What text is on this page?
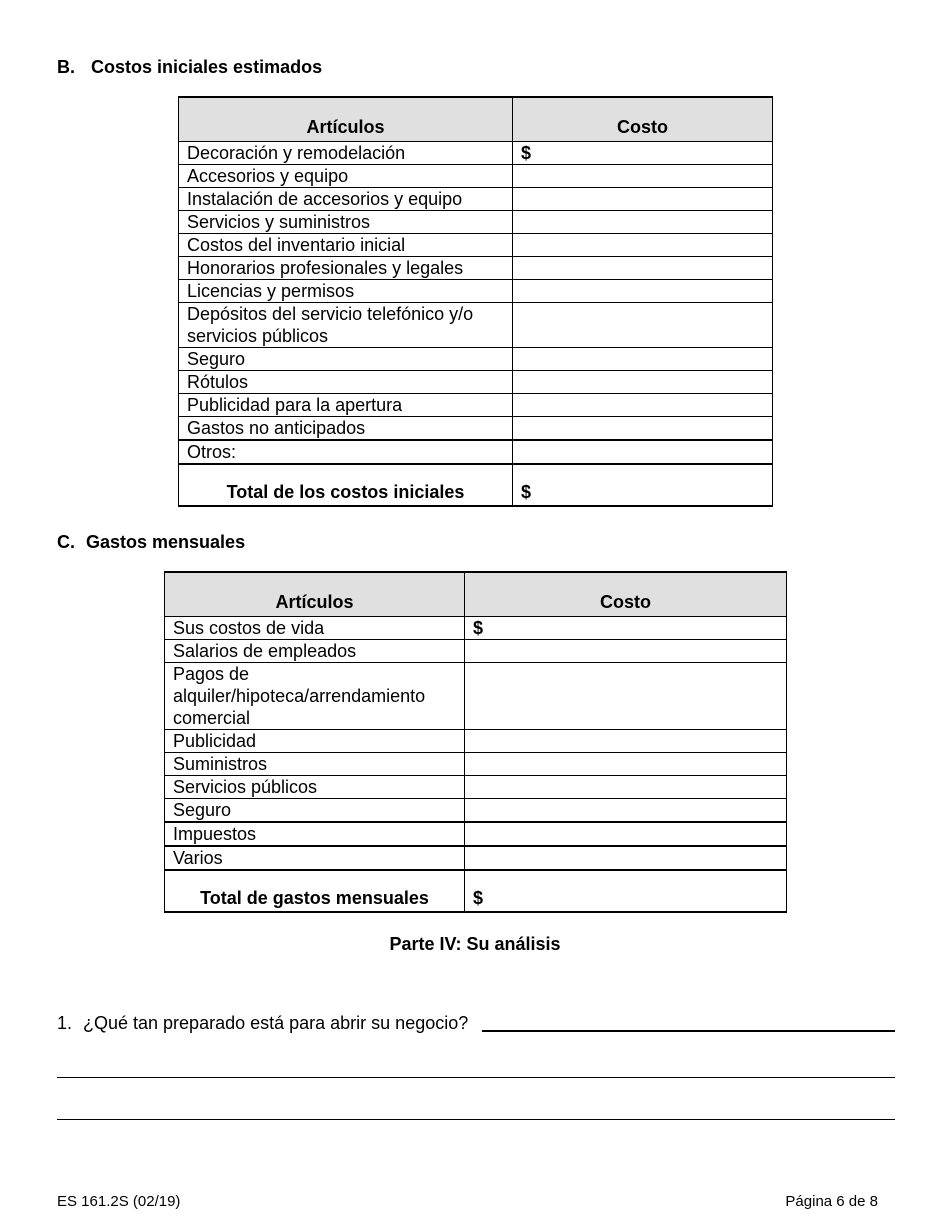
B. Costos iniciales estimados
Artículos	Costo
Decoración y remodelación	$
Accesorios y equipo	
Instalación de accesorios y equipo	
Servicios y suministros	
Costos del inventario inicial	
Honorarios profesionales y legales	
Licencias y permisos	
Depósitos del servicio telefónico y/o servicios públicos	
Seguro	
Rótulos	
Publicidad para la apertura	
Gastos no anticipados	
Otros:	
Total de los costos iniciales	$
C. Gastos mensuales
Artículos	Costo
Sus costos de vida	$
Salarios de empleados	
Pagos de alquiler/hipoteca/arrendamiento comercial	
Publicidad	
Suministros	
Servicios públicos	
Seguro	
Impuestos	
Varios	
Total de gastos mensuales	$
Parte IV: Su análisis
1. ¿Qué tan preparado está para abrir su negocio?
ES 161.2S (02/19)	Página 6 de 8
